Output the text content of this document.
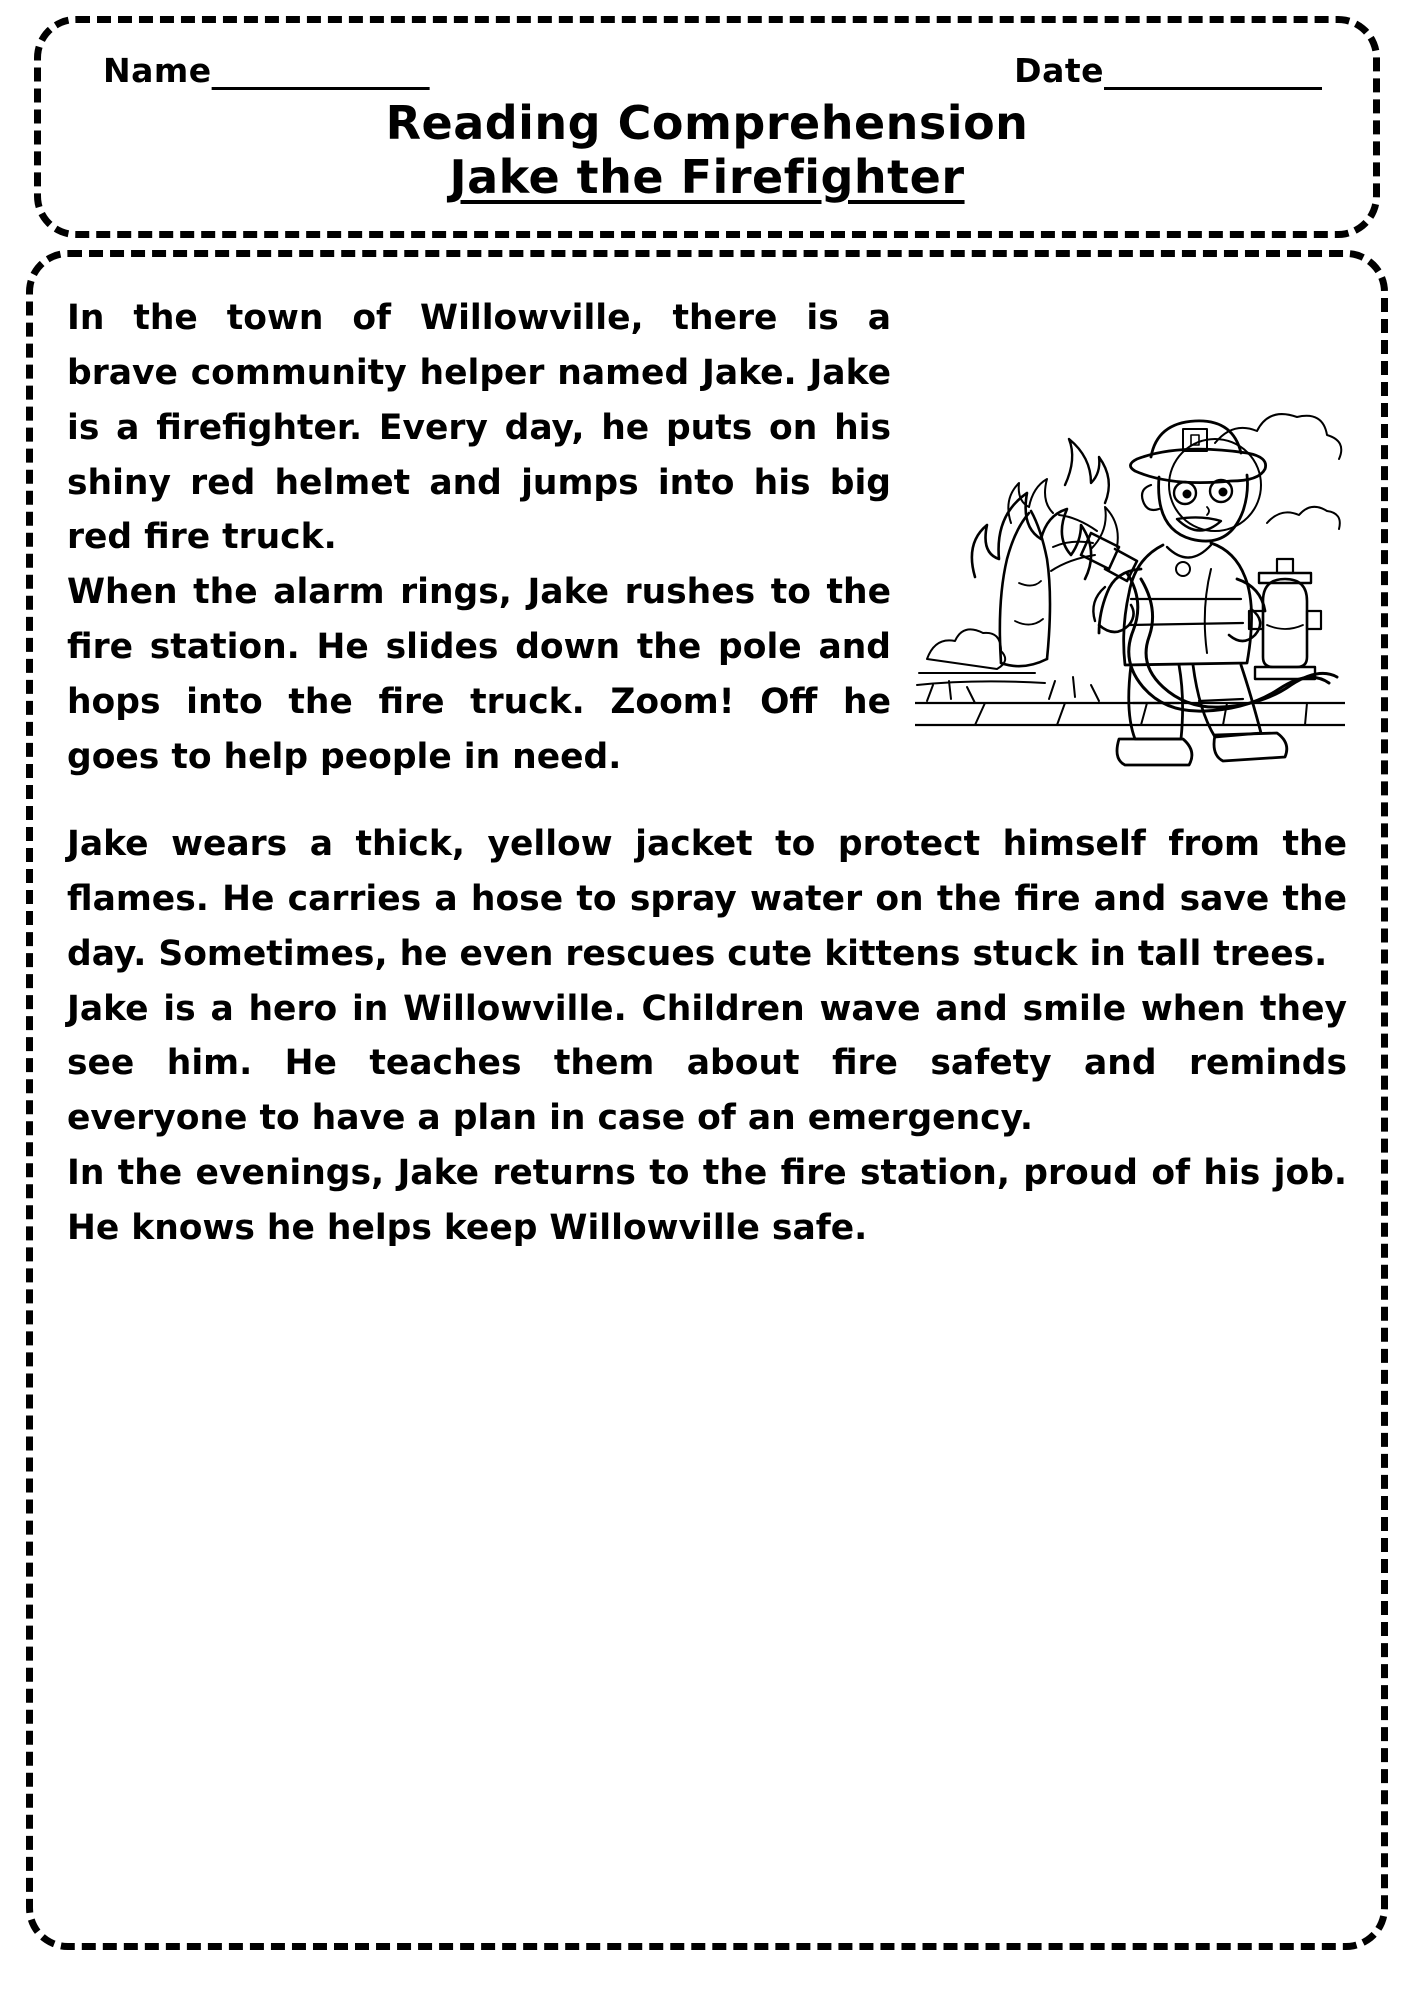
Name______________	Date______________
Reading Comprehension
Jake the Firefighter

In the town of Willowville, there is a brave community helper named Jake. Jake is a firefighter. Every day, he puts on his shiny red helmet and jumps into his big red fire truck.

When the alarm rings, Jake rushes to the fire station. He slides down the pole and hops into the fire truck. Zoom! Off he goes to help people in need.

Jake wears a thick, yellow jacket to protect himself from the flames. He carries a hose to spray water on the fire and save the day. Sometimes, he even rescues cute kittens stuck in tall trees.

Jake is a hero in Willowville. Children wave and smile when they see him. He teaches them about fire safety and reminds everyone to have a plan in case of an emergency.

In the evenings, Jake returns to the fire station, proud of his job. He knows he helps keep Willowville safe.
